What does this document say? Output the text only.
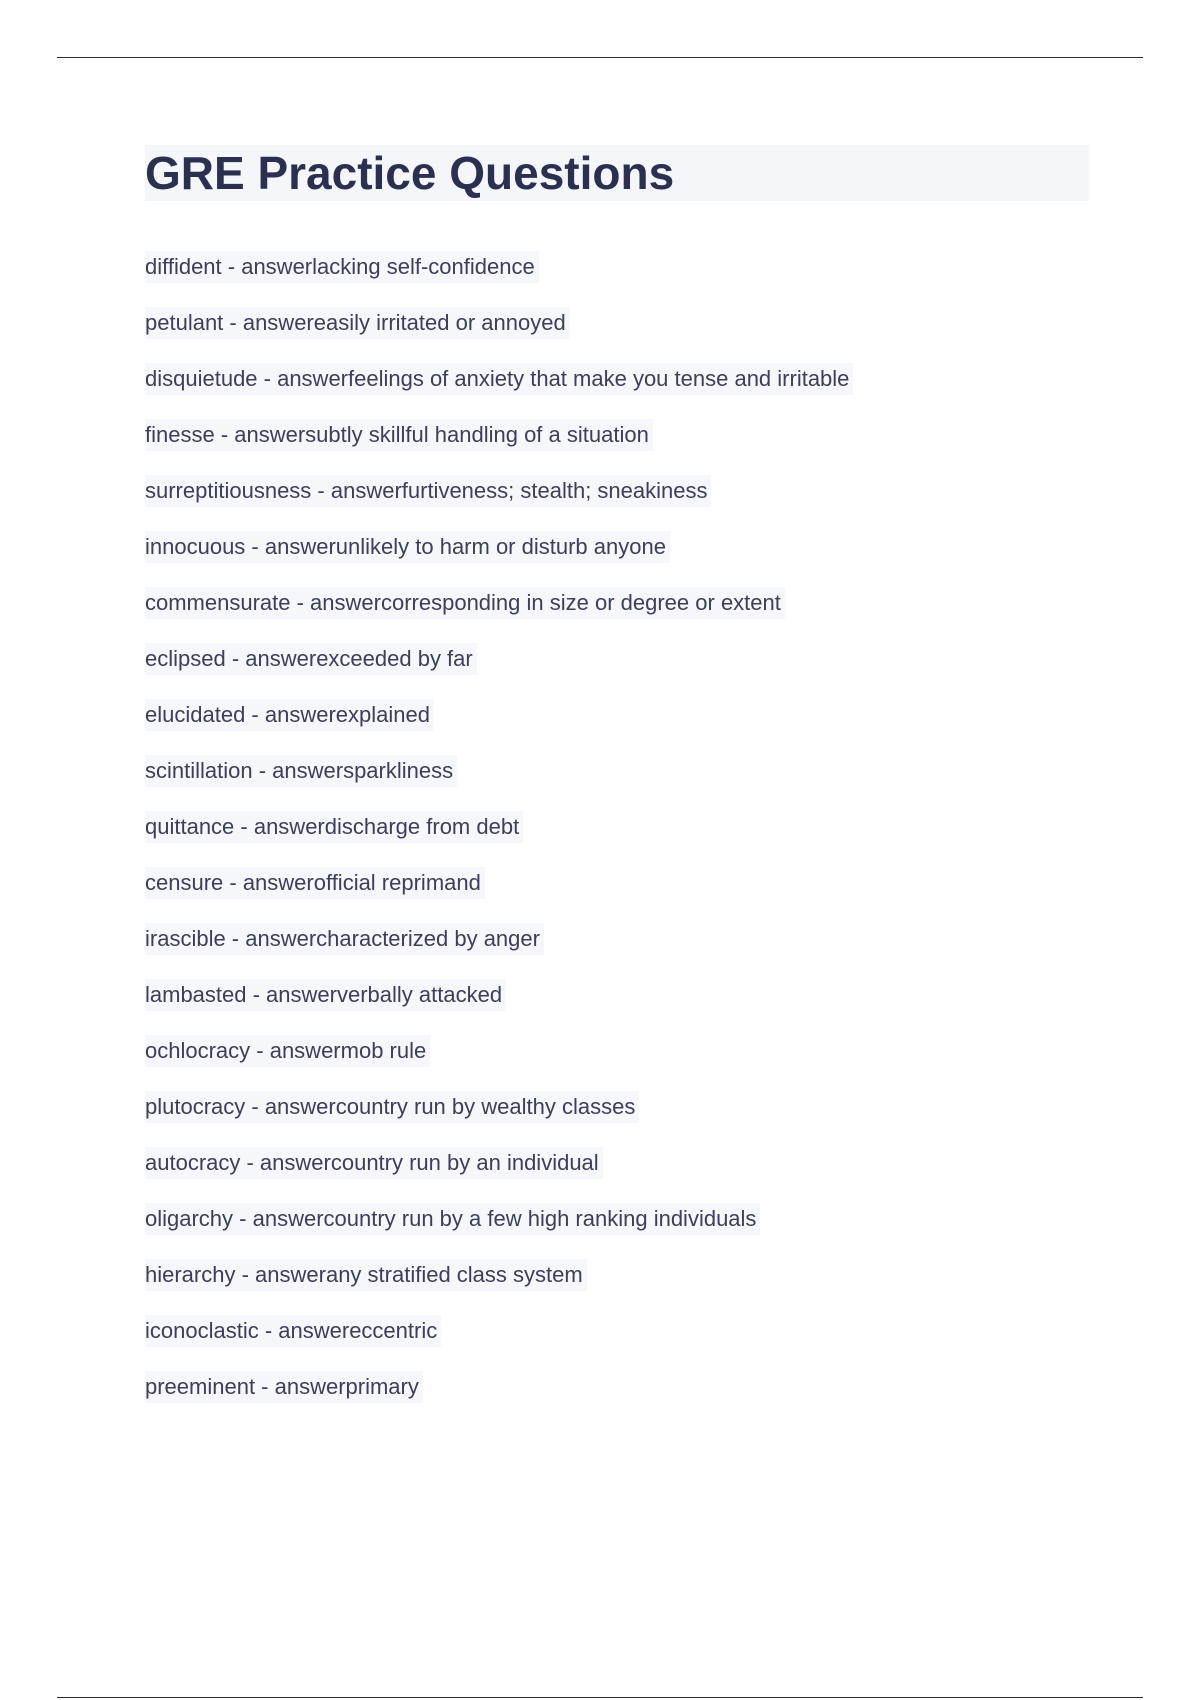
GRE Practice Questions
diffident - answerlacking self-confidence
petulant - answereasily irritated or annoyed
disquietude - answerfeelings of anxiety that make you tense and irritable
finesse - answersubtly skillful handling of a situation
surreptitiousness - answerfurtiveness; stealth; sneakiness
innocuous - answerunlikely to harm or disturb anyone
commensurate - answercorresponding in size or degree or extent
eclipsed - answerexceeded by far
elucidated - answerexplained
scintillation - answersparkliness
quittance - answerdischarge from debt
censure - answerofficial reprimand
irascible - answercharacterized by anger
lambasted - answerverbally attacked
ochlocracy - answermob rule
plutocracy - answercountry run by wealthy classes
autocracy - answercountry run by an individual
oligarchy - answercountry run by a few high ranking individuals
hierarchy - answerany stratified class system
iconoclastic - answereccentric
preeminent - answerprimary
